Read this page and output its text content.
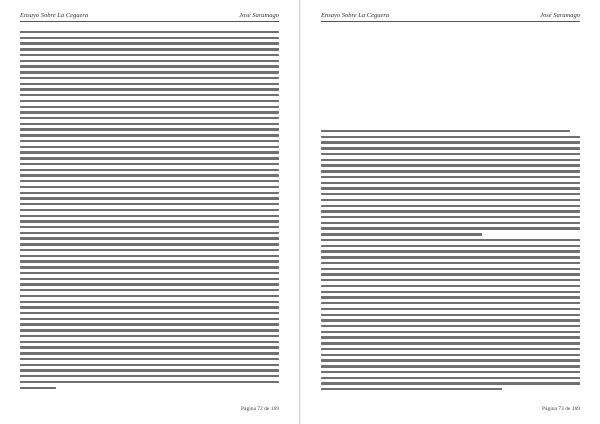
Ensayo Sobre La Ceguera	José Saramago
Página 72 de 169
Ensayo Sobre La Ceguera	José Saramago
Página 73 de 169
